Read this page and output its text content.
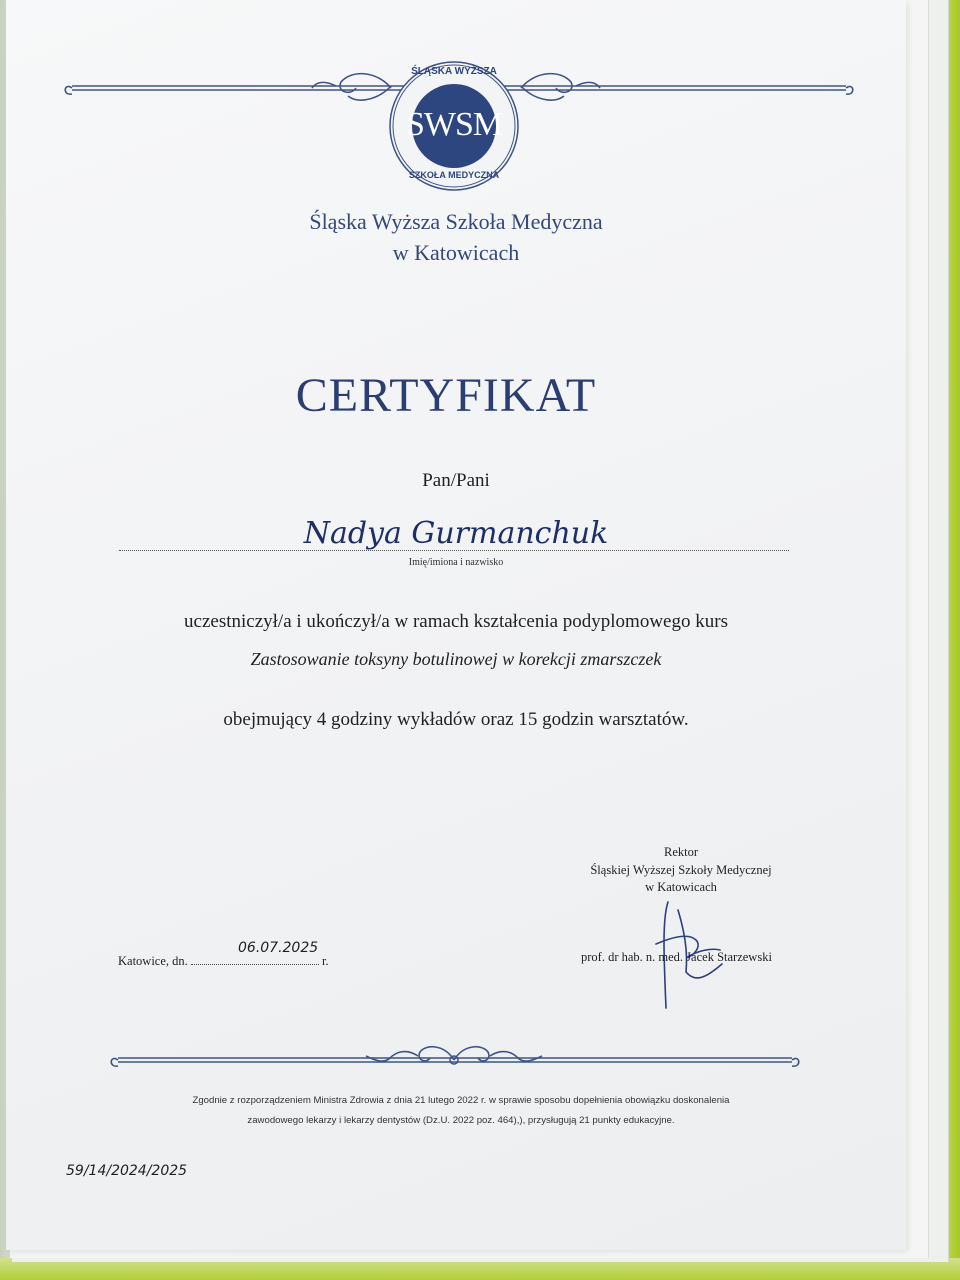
SWSM
ŚLĄSKA WYŻSZA
SZKOŁA MEDYCZNA
Śląska Wyższa Szkoła Medyczna
w Katowicach
CERTYFIKAT
Pan/Pani
Nadya Gurmanchuk
Imię/imiona i nazwisko
uczestniczył/a i ukończył/a w ramach kształcenia podyplomowego kurs
Zastosowanie toksyny botulinowej w korekcji zmarszczek
obejmujący 4 godziny wykładów oraz 15 godzin warsztatów.
Rektor
Śląskiej Wyższej Szkoły Medycznej
w Katowicach
prof. dr hab. n. med. Jacek Starzewski
Katowice, dn.	r.
06.07.2025
Zgodnie z rozporządzeniem Ministra Zdrowia z dnia 21 lutego 2022 r. w sprawie sposobu dopełnienia obowiązku doskonalenia
zawodowego lekarzy i lekarzy dentystów (Dz.U. 2022 poz. 464),), przysługują 21 punkty edukacyjne.
59/14/2024/2025
